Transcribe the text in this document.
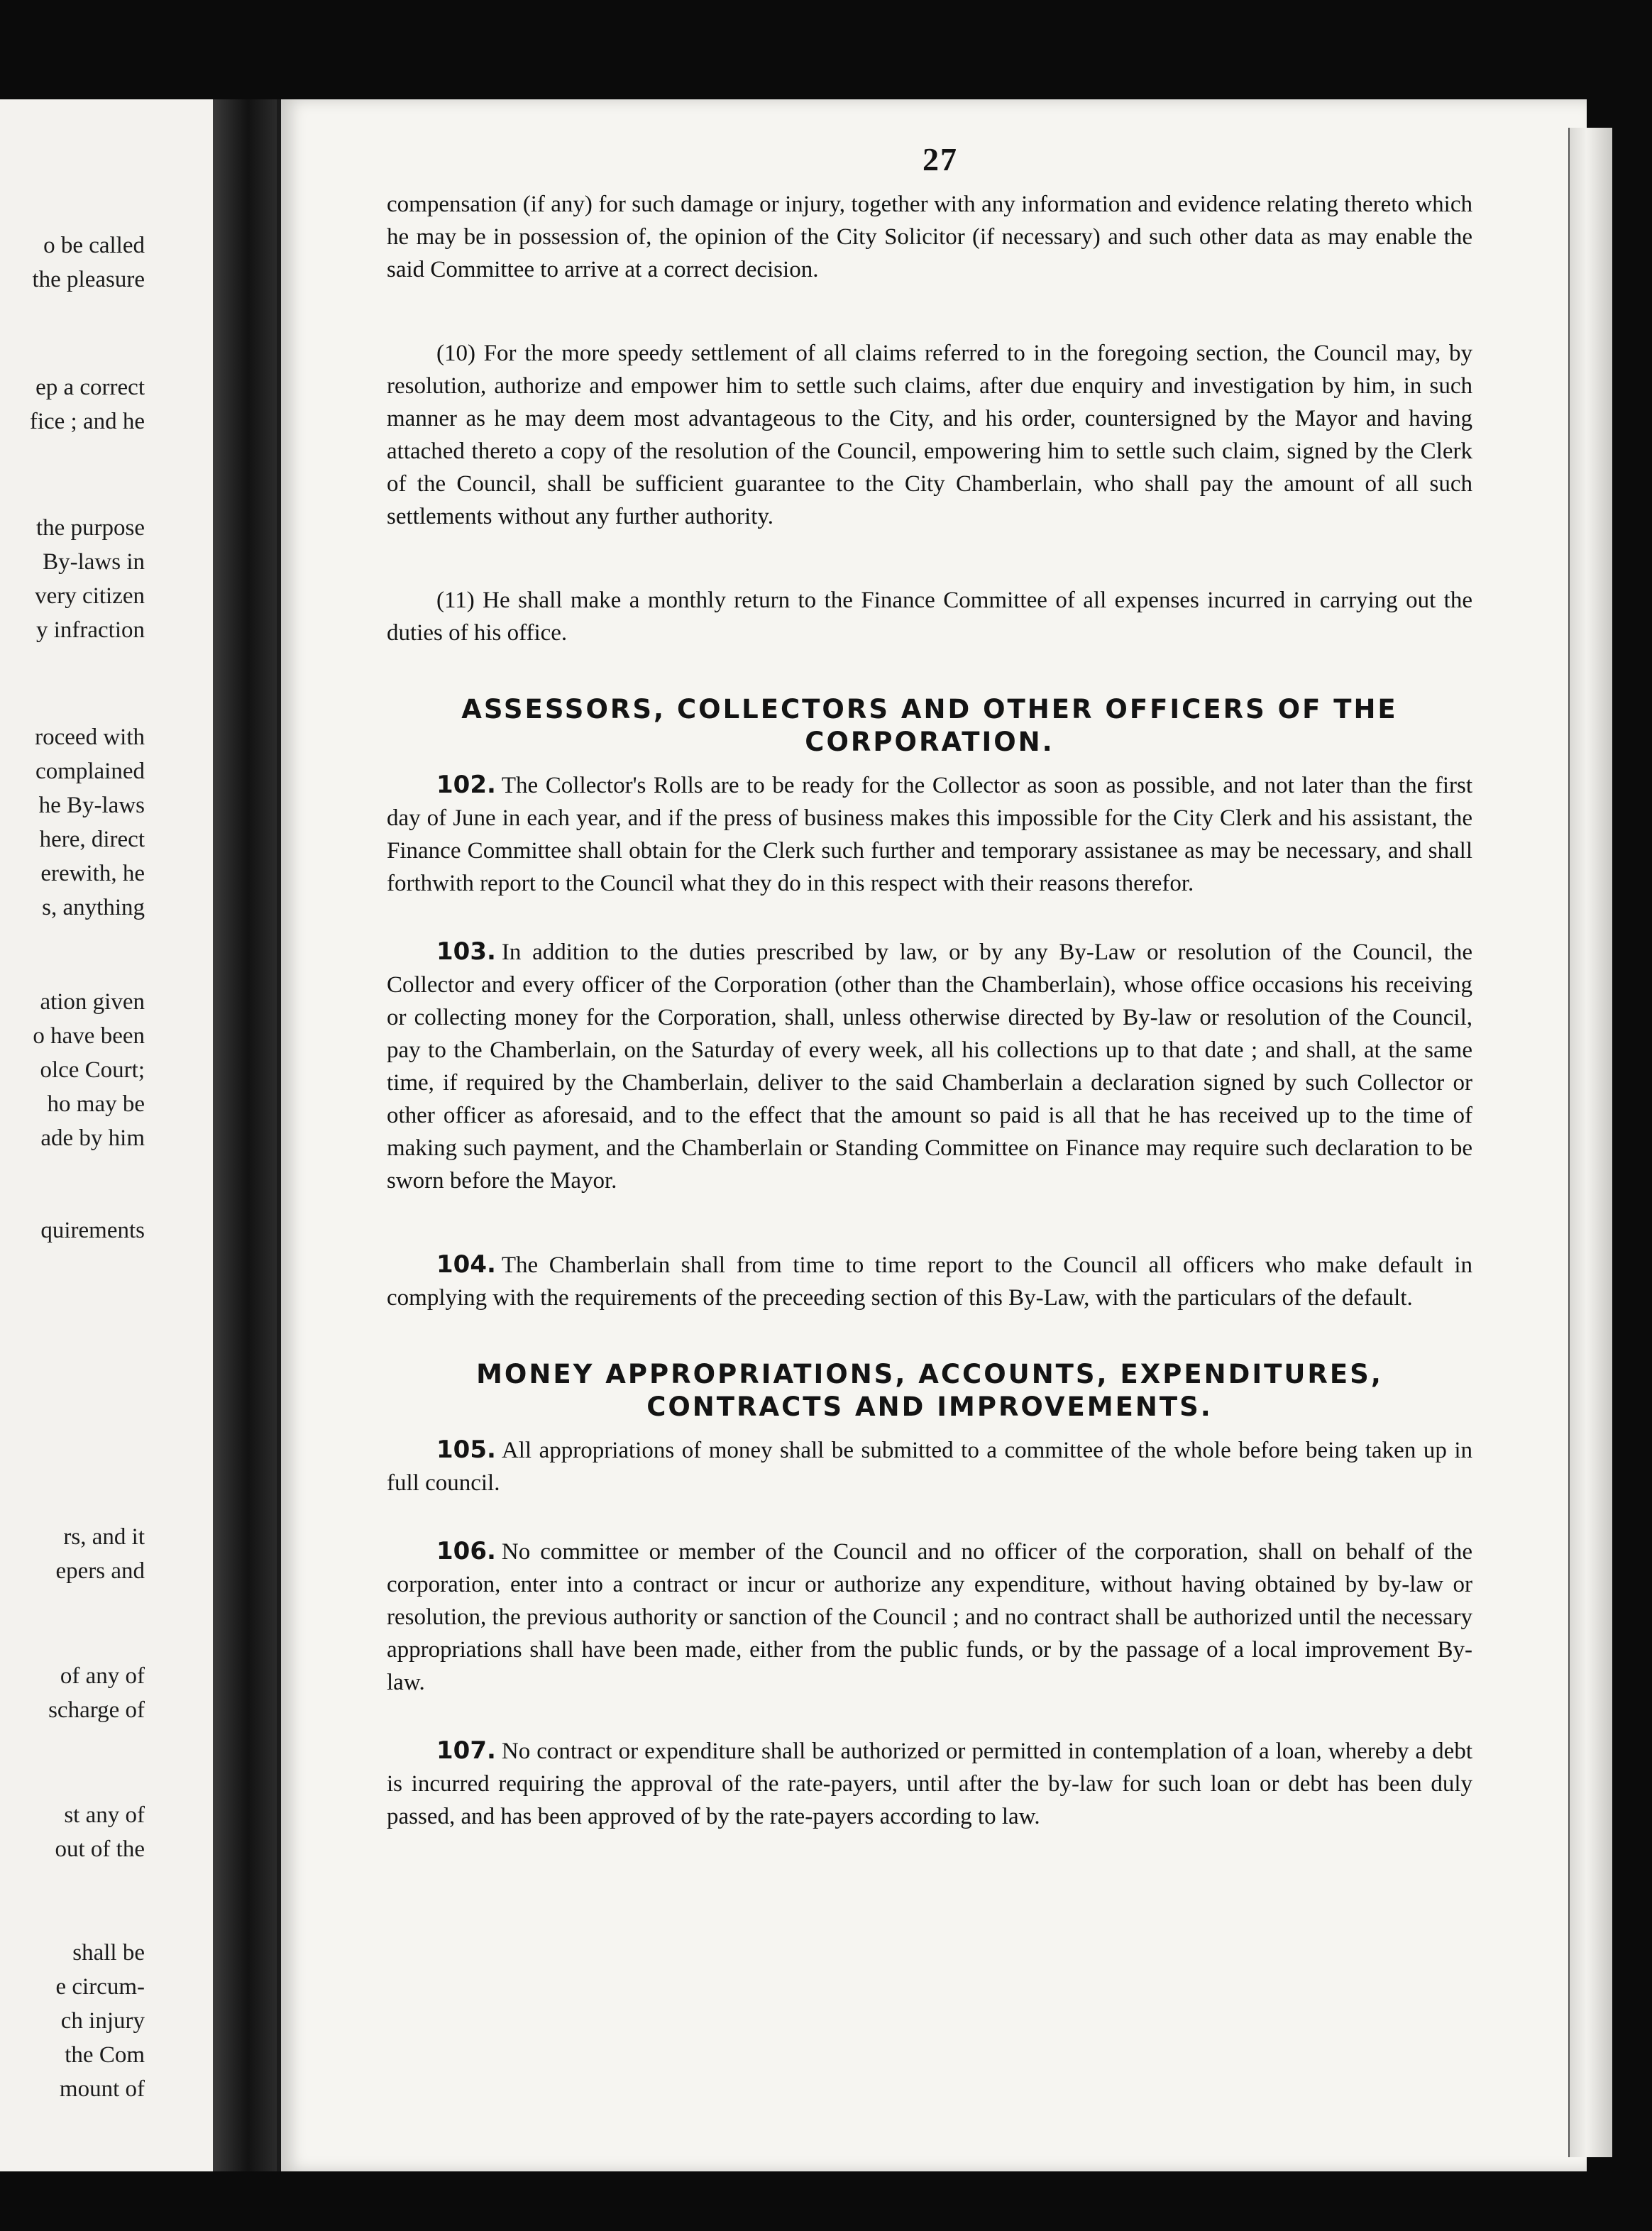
o be called
the pleasure
ep a correct
fice ; and he
the purpose
By-laws in
very citizen
y infraction
roceed with
complained
he By-laws
here, direct
erewith, he
s, anything
ation given
o have been
olce Court;
ho may be
ade by him
quirements
rs, and it
epers and
of any of
scharge of
st any of
out of the
shall be
e circum-
ch injury
the Com
mount of
27

compensation (if any) for such damage or injury, together with any information and evidence relating thereto which he may be in possession of, the opinion of the City Solicitor (if necessary) and such other data as may enable the said Committee to arrive at a correct decision.

(10) For the more speedy settlement of all claims referred to in the foregoing section, the Council may, by resolution, authorize and empower him to settle such claims, after due enquiry and investigation by him, in such manner as he may deem most advantageous to the City, and his order, countersigned by the Mayor and having attached thereto a copy of the resolution of the Council, empowering him to settle such claim, signed by the Clerk of the Council, shall be sufficient guarantee to the City Chamberlain, who shall pay the amount of all such settlements without any further authority.

(11) He shall make a monthly return to the Finance Committee of all expenses incurred in carrying out the duties of his office.

ASSESSORS, COLLECTORS AND OTHER OFFICERS OF THE
CORPORATION.

102. The Collector's Rolls are to be ready for the Collector as soon as possible, and not later than the first day of June in each year, and if the press of business makes this impossible for the City Clerk and his assistant, the Finance Committee shall obtain for the Clerk such further and temporary assistanee as may be necessary, and shall forthwith report to the Council what they do in this respect with their reasons therefor.

103. In addition to the duties prescribed by law, or by any By-Law or resolution of the Council, the Collector and every officer of the Corporation (other than the Chamberlain), whose office occasions his receiving or collecting money for the Corporation, shall, unless otherwise directed by By-law or resolution of the Council, pay to the Chamberlain, on the Saturday of every week, all his collections up to that date ; and shall, at the same time, if required by the Chamberlain, deliver to the said Chamberlain a declaration signed by such Collector or other officer as aforesaid, and to the effect that the amount so paid is all that he has received up to the time of making such payment, and the Chamberlain or Standing Committee on Finance may require such declaration to be sworn before the Mayor.

104. The Chamberlain shall from time to time report to the Council all officers who make default in complying with the requirements of the preceeding section of this By-Law, with the particulars of the default.

MONEY APPROPRIATIONS, ACCOUNTS, EXPENDITURES,
CONTRACTS AND IMPROVEMENTS.

105. All appropriations of money shall be submitted to a committee of the whole before being taken up in full council.

106. No committee or member of the Council and no officer of the corporation, shall on behalf of the corporation, enter into a contract or incur or authorize any expenditure, without having obtained by by-law or resolution, the previous authority or sanction of the Council ; and no contract shall be authorized until the necessary appropriations shall have been made, either from the public funds, or by the passage of a local improvement By-law.

107. No contract or expenditure shall be authorized or permitted in contemplation of a loan, whereby a debt is incurred requiring the approval of the rate-payers, until after the by-law for such loan or debt has been duly passed, and has been approved of by the rate-payers according to law.
